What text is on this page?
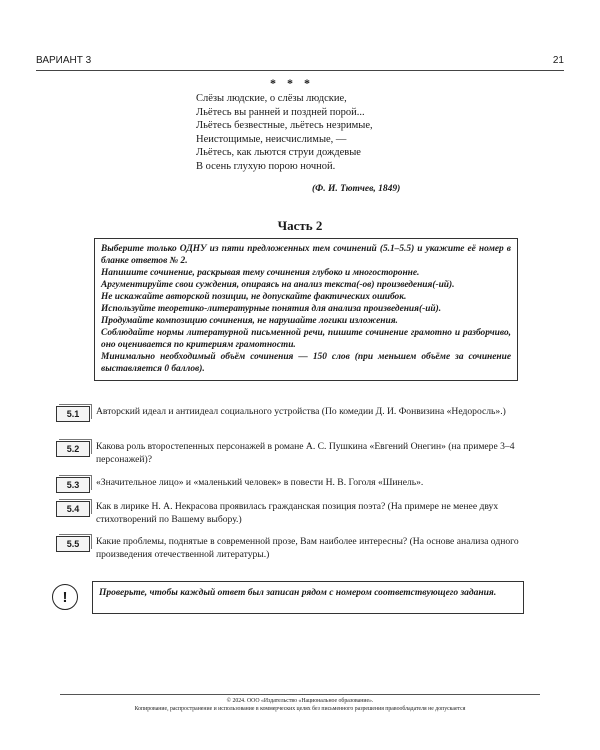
ВАРИАНТ 3	21
* * *
Слёзы людские, о слёзы людские,
Льётесь вы ранней и поздней порой...
Льётесь безвестные, льётесь незримые,
Неистощимые, неисчислимые, —
Льётесь, как льются струи дождевые
В осень глухую порою ночной.
(Ф. И. Тютчев, 1849)
Часть 2

Выберите только ОДНУ из пяти предложенных тем сочинений (5.1–5.5) и укажите её номер в бланке ответов № 2.

Напишите сочинение, раскрывая тему сочинения глубоко и многосторонне.

Аргументируйте свои суждения, опираясь на анализ текста(-ов) произведения(-ий).

Не искажайте авторской позиции, не допускайте фактических ошибок.

Используйте теоретико-литературные понятия для анализа произведения(-ий).

Продумайте композицию сочинения, не нарушайте логики изложения.

Соблюдайте нормы литературной письменной речи, пишите сочинение грамотно и разборчиво, оно оценивается по критериям грамотности.

Минимально необходимый объём сочинения — 150 слов (при меньшем объёме за сочинение выставляется 0 баллов).

5.1	Авторский идеал и антиидеал социального устройства (По комедии Д. И. Фонвизина «Недоросль».)
5.2	Какова роль второстепенных персонажей в романе А. С. Пушкина «Евгений Онегин» (на примере 3–4 персонажей)?
5.3	«Значительное лицо» и «маленький человек» в повести Н. В. Гоголя «Шинель».
5.4	Как в лирике Н. А. Некрасова проявилась гражданская позиция поэта? (На примере не менее двух стихотворений по Вашему выбору.)
5.5	Какие проблемы, поднятые в современной прозе, Вам наиболее интересны? (На основе анализа одного произведения отечественной литературы.)
!	Проверьте, чтобы каждый ответ был записан рядом с номером соответствующего задания.
© 2024. ООО «Издательство «Национальное образование».
Копирование, распространение и использование в коммерческих целях без письменного разрешения правообладателя не допускается
